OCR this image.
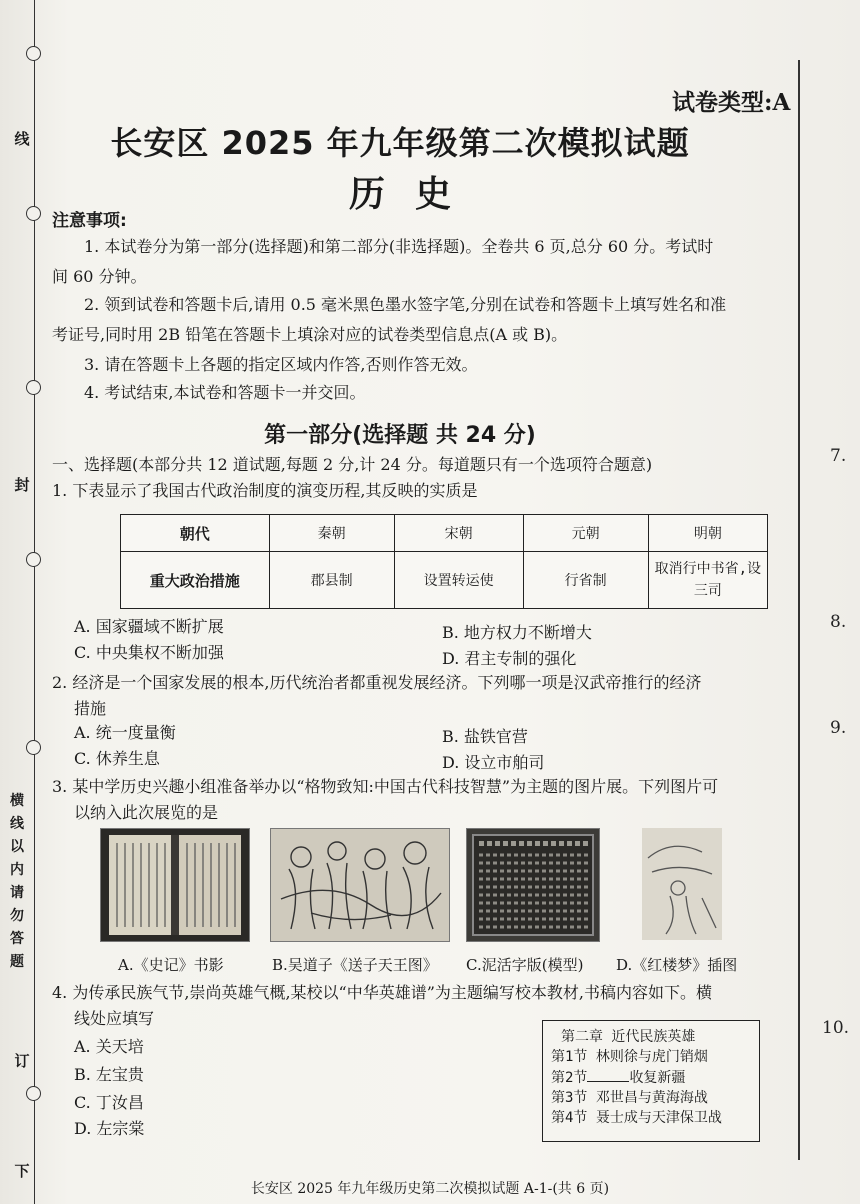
线
封
订
下
横线以内请勿答题
7.
8.
9.
10.
试卷类型:A
长安区 2025 年九年级第二次模拟试题
历史
注意事项:

1. 本试卷分为第一部分(选择题)和第二部分(非选择题)。全卷共 6 页,总分 60 分。考试时

间 60 分钟。

2. 领到试卷和答题卡后,请用 0.5 毫米黑色墨水签字笔,分别在试卷和答题卡上填写姓名和准

考证号,同时用 2B 铅笔在答题卡上填涂对应的试卷类型信息点(A 或 B)。

3. 请在答题卡上各题的指定区域内作答,否则作答无效。

4. 考试结束,本试卷和答题卡一并交回。

第一部分(选择题 共 24 分)
一、选择题(本部分共 12 道试题,每题 2 分,计 24 分。每道题只有一个选项符合题意)
1. 下表显示了我国古代政治制度的演变历程,其反映的实质是
朝代	秦朝	宋朝	元朝	明朝
重大政治措施	郡县制	设置转运使	行省制	取消行中书省,设三司
A. 国家疆域不断扩展	B. 地方权力不断增大
C. 中央集权不断加强	D. 君主专制的强化
2. 经济是一个国家发展的根本,历代统治者都重视发展经济。下列哪一项是汉武帝推行的经济
措施
A. 统一度量衡	B. 盐铁官营
C. 休养生息	D. 设立市舶司
3. 某中学历史兴趣小组准备举办以“格物致知:中国古代科技智慧”为主题的图片展。下列图片可
以纳入此次展览的是
A.《史记》书影	B.吴道子《送子天王图》 C.泥活字版(模型) D.《红楼梦》插图
4. 为传承民族气节,崇尚英雄气概,某校以“中华英雄谱”为主题编写校本教材,书稿内容如下。横
线处应填写
A. 关天培
B. 左宝贵
C. 丁汝昌
D. 左宗棠
第二章 近代民族英雄
第1节 林则徐与虎门销烟
第2节	收复新疆
第3节 邓世昌与黄海海战
第4节 聂士成与天津保卫战
长安区 2025 年九年级历史第二次模拟试题 A-1-(共 6 页)
